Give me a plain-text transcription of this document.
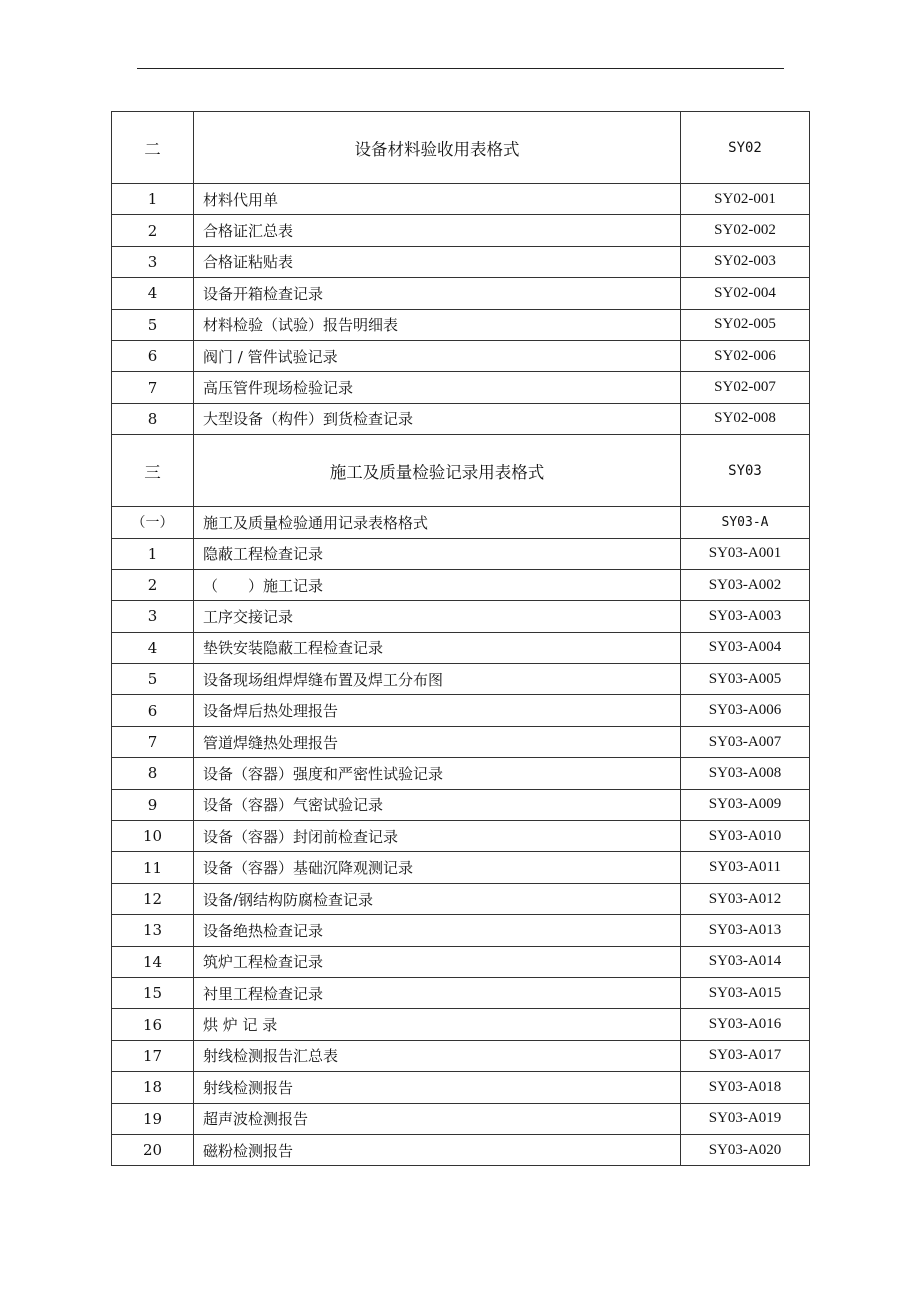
二	设备材料验收用表格式	SY02
1	材料代用单	SY02-001
2	合格证汇总表	SY02-002
3	合格证粘贴表	SY02-003
4	设备开箱检查记录	SY02-004
5	材料检验（试验）报告明细表	SY02-005
6	阀门 / 管件试验记录	SY02-006
7	高压管件现场检验记录	SY02-007
8	大型设备（构件）到货检查记录	SY02-008
三	施工及质量检验记录用表格式	SY03
（一）	施工及质量检验通用记录表格格式	SY03-A
1	隐蔽工程检查记录	SY03-A001
2	（　　）施工记录	SY03-A002
3	工序交接记录	SY03-A003
4	垫铁安装隐蔽工程检查记录	SY03-A004
5	设备现场组焊焊缝布置及焊工分布图	SY03-A005
6	设备焊后热处理报告	SY03-A006
7	管道焊缝热处理报告	SY03-A007
8	设备（容器）强度和严密性试验记录	SY03-A008
9	设备（容器）气密试验记录	SY03-A009
10	设备（容器）封闭前检查记录	SY03-A010
11	设备（容器）基础沉降观测记录	SY03-A011
12	设备/钢结构防腐检查记录	SY03-A012
13	设备绝热检查记录	SY03-A013
14	筑炉工程检查记录	SY03-A014
15	衬里工程检查记录	SY03-A015
16	烘 炉 记 录	SY03-A016
17	射线检测报告汇总表	SY03-A017
18	射线检测报告	SY03-A018
19	超声波检测报告	SY03-A019
20	磁粉检测报告	SY03-A020
